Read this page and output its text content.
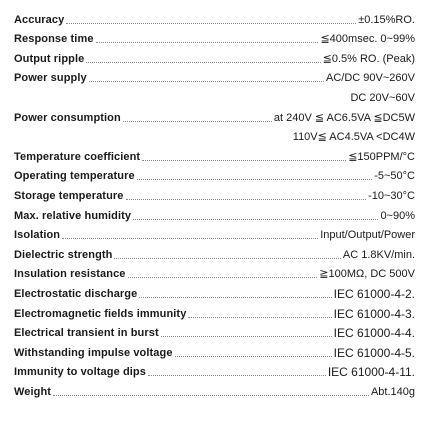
Accuracy	±0.15%RO.
Response time	≦400msec. 0~99%
Output ripple	≦0.5% RO. (Peak)
Power supply	AC/DC 90V~260V
DC 20V~60V
Power consumption	at 240V ≦ AC6.5VA ≦DC5W
110V≦ AC4.5VA <DC4W
Temperature coefficient	≦150PPM/°C
Operating temperature	-5~50°C
Storage temperature	-10~30°C
Max. relative humidity	0~90%
Isolation	Input/Output/Power
Dielectric strength	AC 1.8KV/min.
Insulation resistance	≧100MΩ, DC 500V
Electrostatic discharge	IEC 61000-4-2.
Electromagnetic fields immunity	IEC 61000-4-3.
Electrical transient in burst	IEC 61000-4-4.
Withstanding impulse voltage	IEC 61000-4-5.
Immunity to voltage dips	IEC 61000-4-11.
Weight	Abt.140g
